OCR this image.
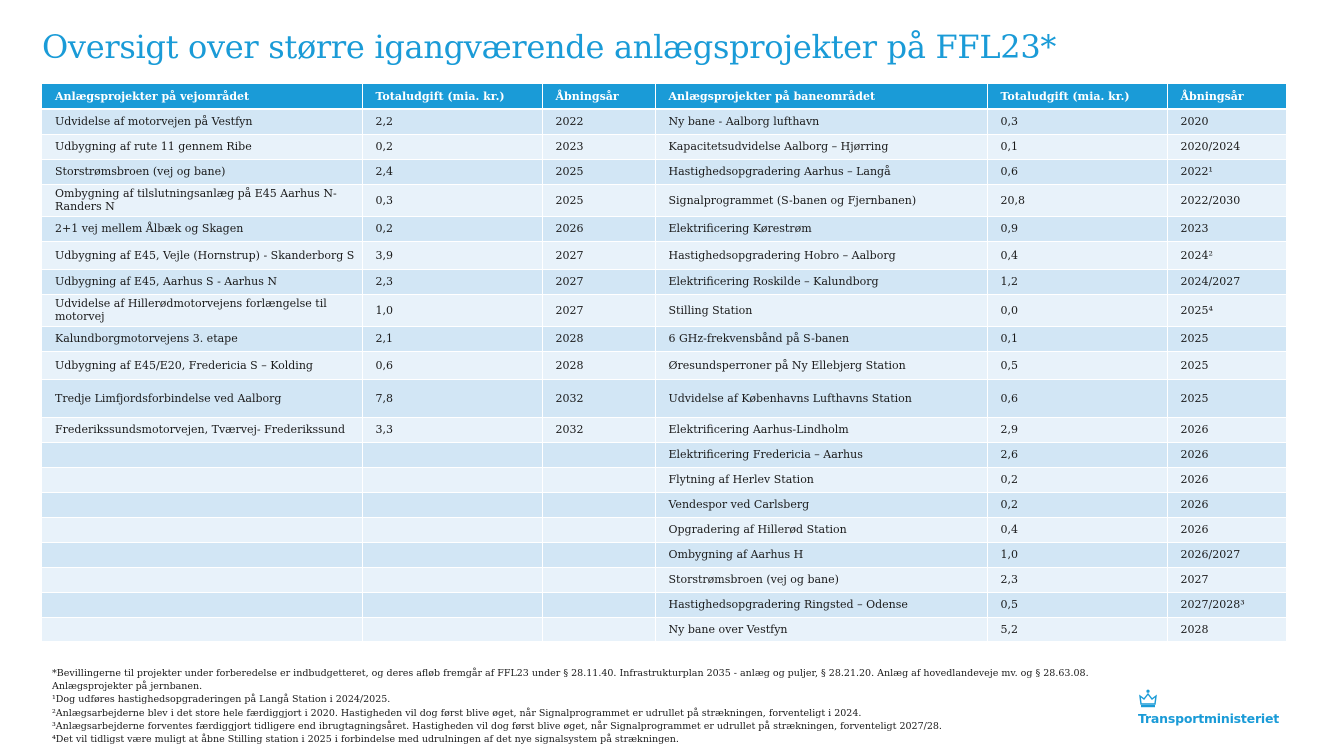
Oversigt over større igangværende anlægsprojekter på FFL23*
Anlægsprojekter på vejområdet	Totaludgift (mia. kr.)	Åbningsår	Anlægsprojekter på baneområdet	Totaludgift (mia. kr.)	Åbningsår
Udvidelse af motorvejen på Vestfyn	2,2	2022	Ny bane - Aalborg lufthavn	0,3	2020
Udbygning af rute 11 gennem Ribe	0,2	2023	Kapacitetsudvidelse Aalborg – Hjørring	0,1	2020/2024
Storstrømsbroen (vej og bane)	2,4	2025	Hastighedsopgradering Aarhus – Langå	0,6	2022¹
Ombygning af tilslutningsanlæg på E45 Aarhus N-Randers N	0,3	2025	Signalprogrammet (S-banen og Fjernbanen)	20,8	2022/2030
2+1 vej mellem Ålbæk og Skagen	0,2	2026	Elektrificering Kørestrøm	0,9	2023
Udbygning af E45, Vejle (Hornstrup) - Skanderborg S	3,9	2027	Hastighedsopgradering Hobro – Aalborg	0,4	2024²
Udbygning af E45, Aarhus S - Aarhus N	2,3	2027	Elektrificering Roskilde – Kalundborg	1,2	2024/2027
Udvidelse af Hillerødmotorvejens forlængelse til motorvej	1,0	2027	Stilling Station	0,0	2025⁴
Kalundborgmotorvejens 3. etape	2,1	2028	6 GHz-frekvensbånd på S-banen	0,1	2025
Udbygning af E45/E20, Fredericia S – Kolding	0,6	2028	Øresundsperroner på Ny Ellebjerg Station	0,5	2025
Tredje Limfjordsforbindelse ved Aalborg	7,8	2032	Udvidelse af Københavns Lufthavns Station	0,6	2025
Frederikssundsmotorvejen, Tværvej- Frederikssund	3,3	2032	Elektrificering Aarhus-Lindholm	2,9	2026
			Elektrificering Fredericia – Aarhus	2,6	2026
			Flytning af Herlev Station	0,2	2026
			Vendespor ved Carlsberg	0,2	2026
			Opgradering af Hillerød Station	0,4	2026
			Ombygning af Aarhus H	1,0	2026/2027
			Storstrømsbroen (vej og bane)	2,3	2027
			Hastighedsopgradering Ringsted – Odense	0,5	2027/2028³
			Ny bane over Vestfyn	5,2	2028
*Bevillingerne til projekter under forberedelse er indbudgetteret, og deres afløb fremgår af FFL23 under § 28.11.40. Infrastrukturplan 2035 - anlæg og puljer, § 28.21.20. Anlæg af hovedlandeveje mv. og § 28.63.08.
Anlægsprojekter på jernbanen.
¹Dog udføres hastighedsopgraderingen på Langå Station i 2024/2025.
²Anlægsarbejderne blev i det store hele færdiggjort i 2020. Hastigheden vil dog først blive øget, når Signalprogrammet er udrullet på strækningen, forventeligt i 2024.
³Anlægsarbejderne forventes færdiggjort tidligere end ibrugtagningsåret. Hastigheden vil dog først blive øget, når Signalprogrammet er udrullet på strækningen, forventeligt 2027/28.
⁴Det vil tidligst være muligt at åbne Stilling station i 2025 i forbindelse med udrulningen af det nye signalsystem på strækningen.
Transportministeriet
